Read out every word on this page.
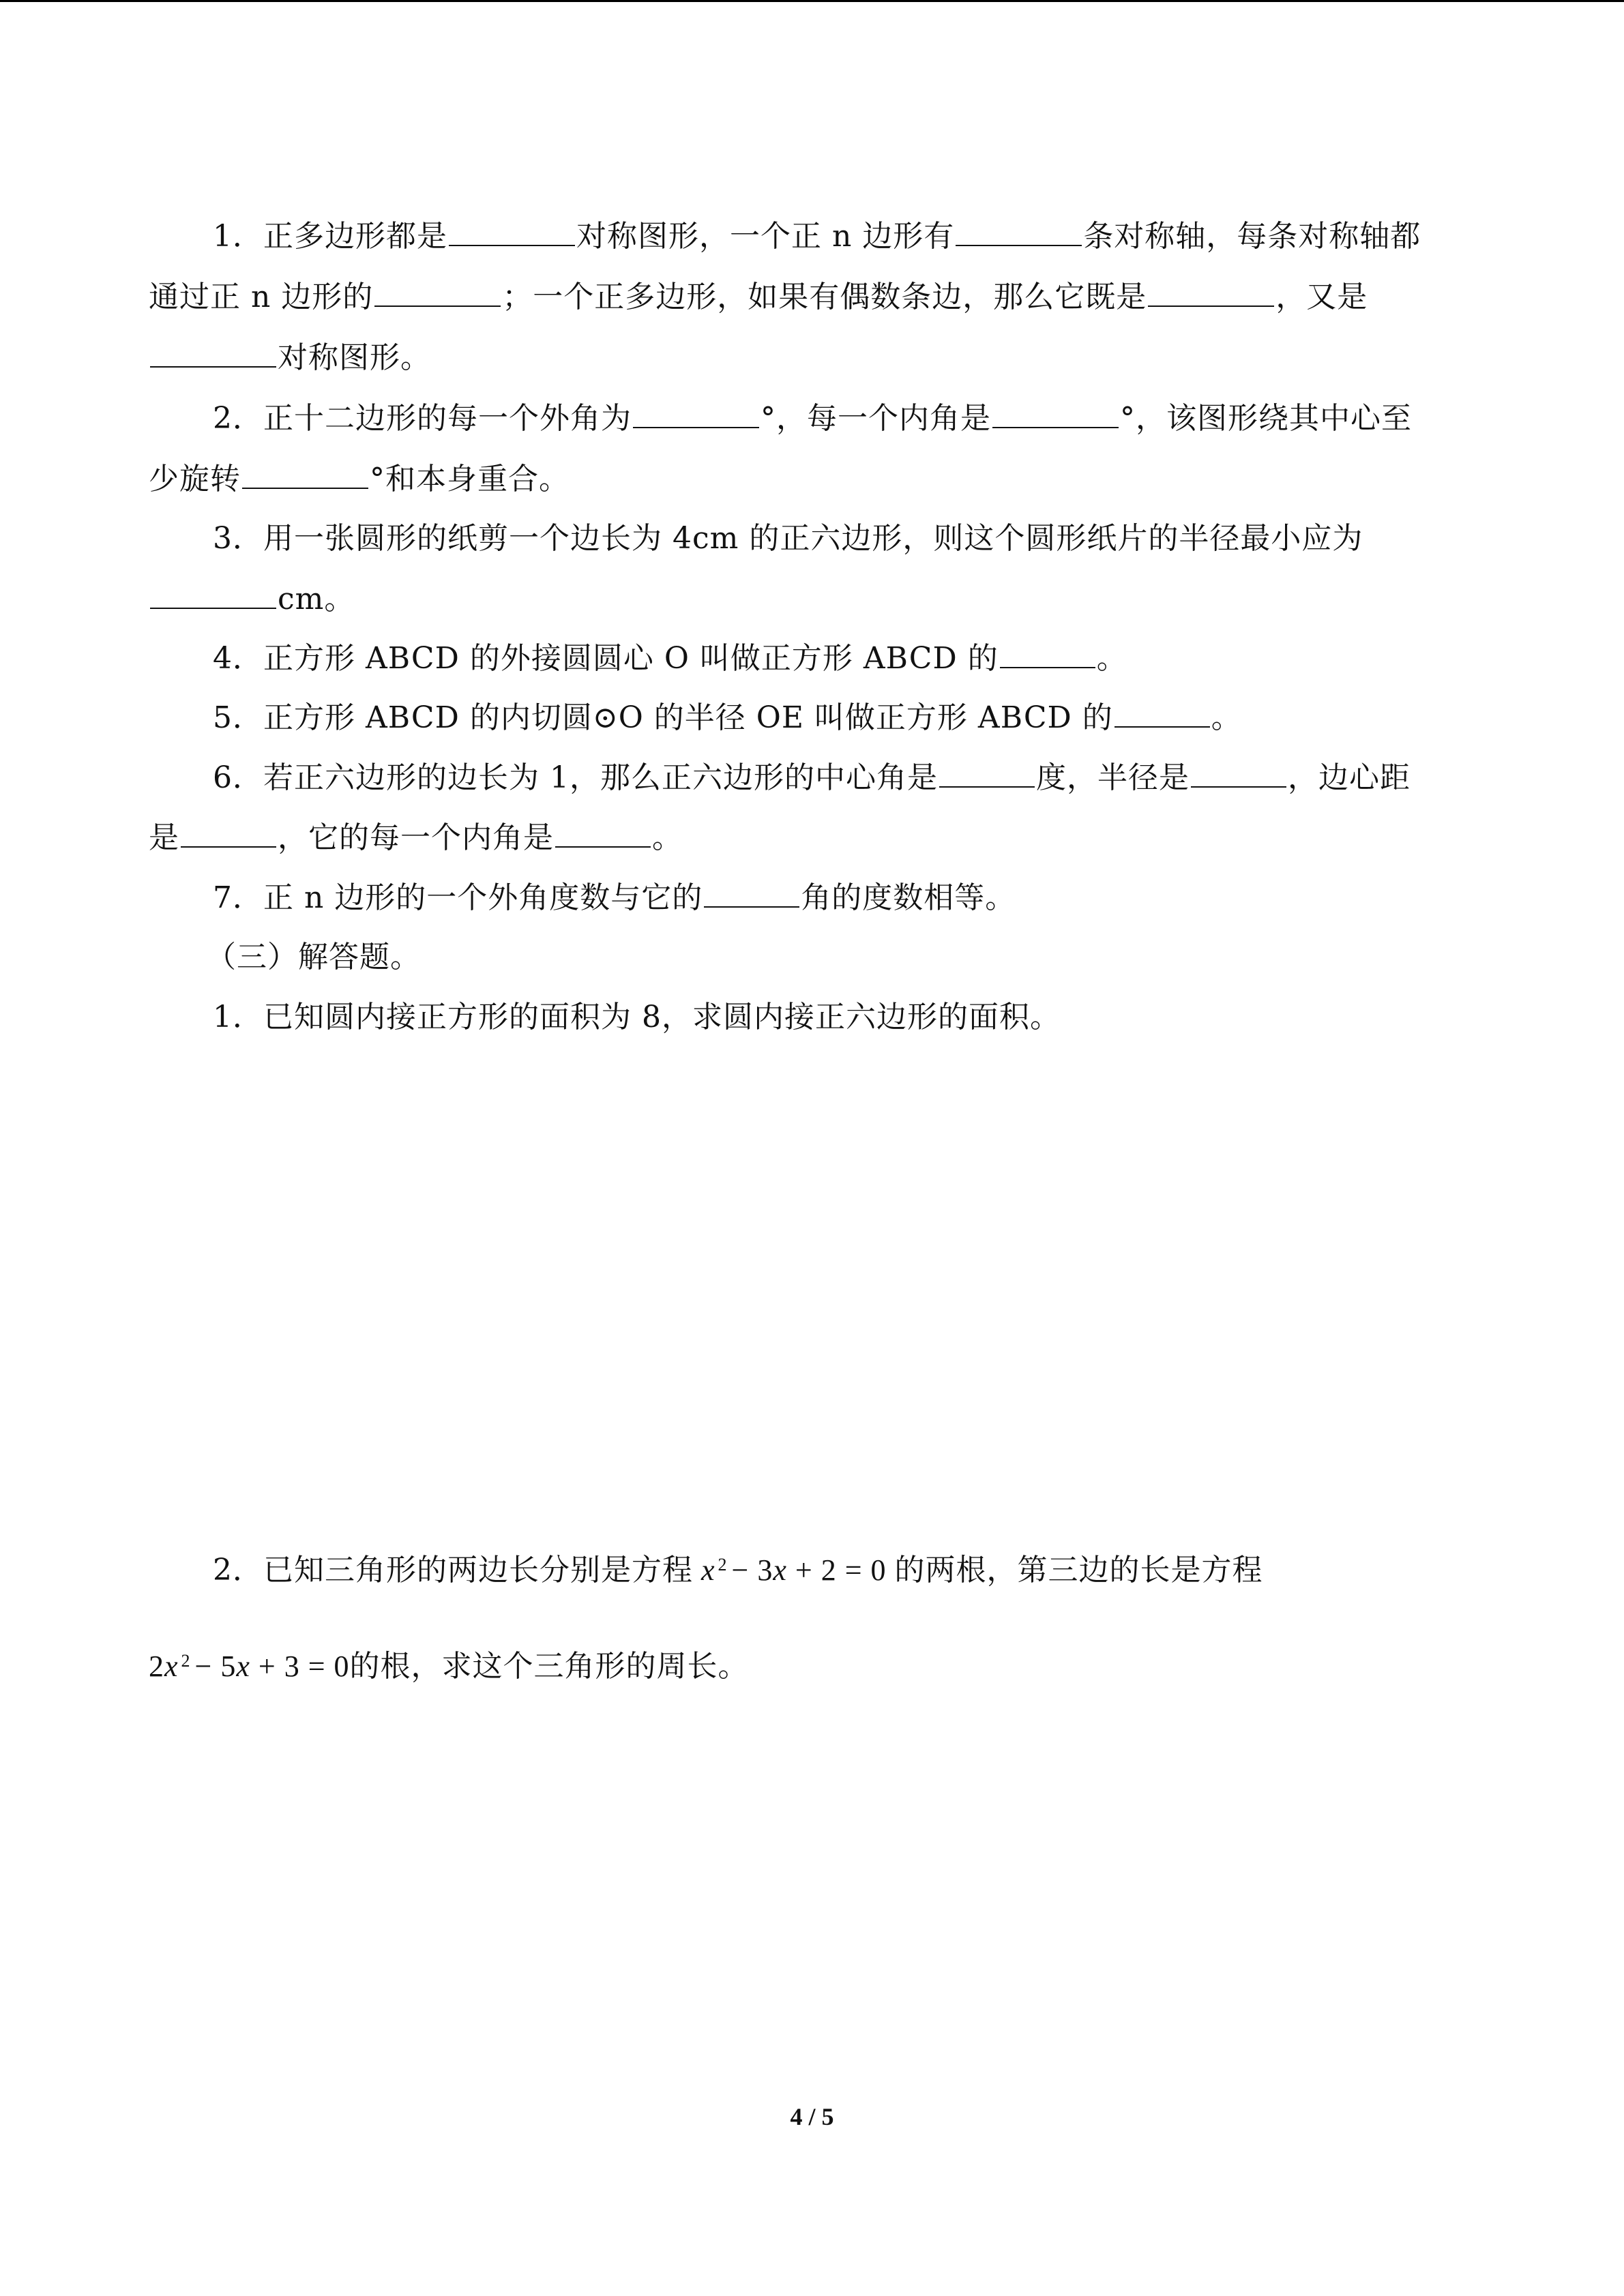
1．正多边形都是	对称图形，一个正 n 边形有	条对称轴，每条对称轴都
通过正 n 边形的	；一个正多边形，如果有偶数条边，那么它既是	，又是
对称图形。
2．正十二边形的每一个外角为	°，每一个内角是	°，该图形绕其中心至
少旋转	°和本身重合。
3．用一张圆形的纸剪一个边长为 4cm 的正六边形，则这个圆形纸片的半径最小应为
cm。
4．正方形 ABCD 的外接圆圆心 O 叫做正方形 ABCD 的	。
5．正方形 ABCD 的内切圆⊙O 的半径 OE 叫做正方形 ABCD 的	。
6．若正六边形的边长为 1，那么正六边形的中心角是	度，半径是	，边心距
是	，它的每一个内角是	。
7．正 n 边形的一个外角度数与它的	角的度数相等。
（三）解答题。
1．已知圆内接正方形的面积为 8，求圆内接正六边形的面积。
2．已知三角形的两边长分别是方程 x $^2$ − 3x + 2 = 0 的两根，第三边的长是方程
2x $^2$ − 5x + 3 = 0的根，求这个三角形的周长。
4 / 5
